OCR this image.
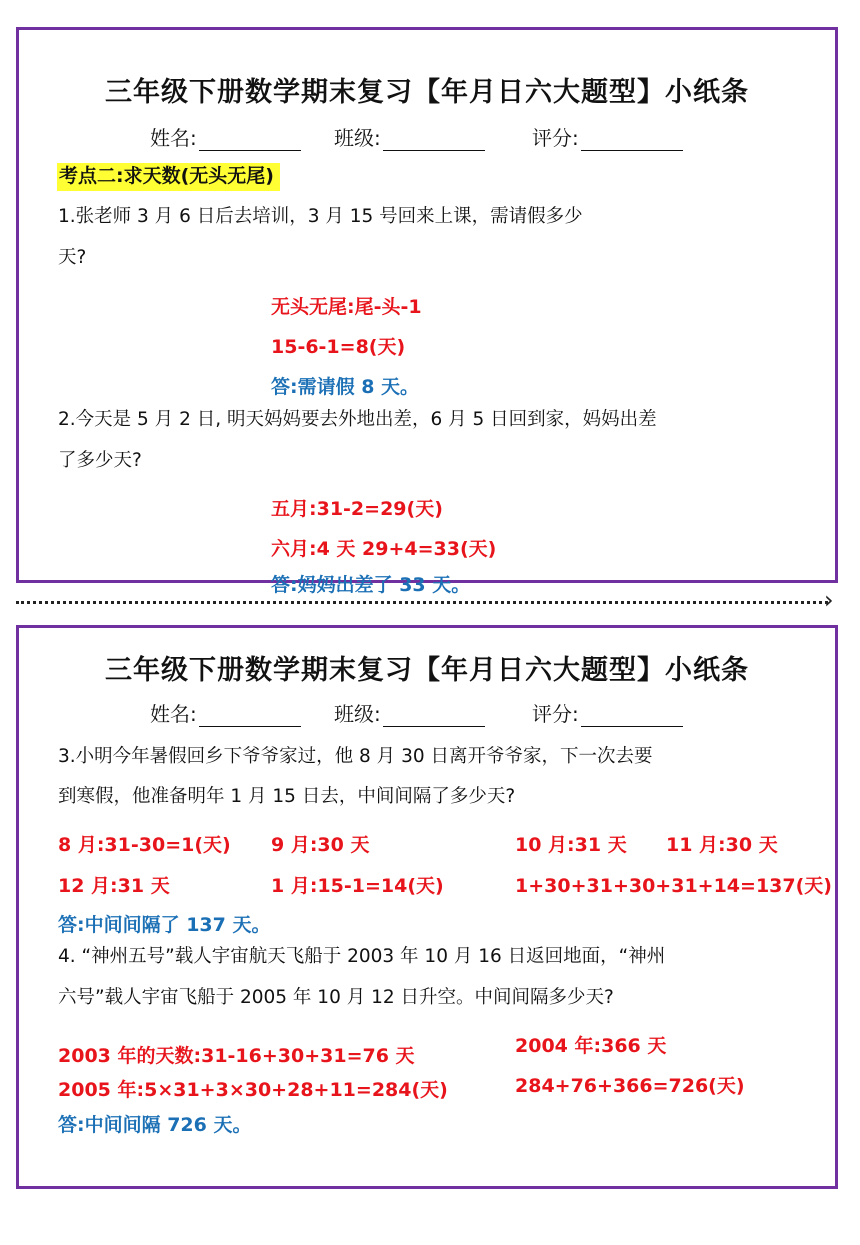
三年级下册数学期末复习【年月日六大题型】小纸条
姓名:	班级:	评分:
考点二:求天数(无头无尾)
1.张老师 3 月 6 日后去培训，3 月 15 号回来上课，需请假多少
天?
无头无尾:尾-头-1
15-6-1=8(天)
答:需请假 8 天。
2.今天是 5 月 2 日, 明天妈妈要去外地出差，6 月 5 日回到家，妈妈出差
了多少天?
五月:31-2=29(天)
六月:4 天 29+4=33(天)
答:妈妈出差了 33 天。
›
三年级下册数学期末复习【年月日六大题型】小纸条
姓名:	班级:	评分:
3.小明今年暑假回乡下爷爷家过，他 8 月 30 日离开爷爷家，下一次去要
到寒假，他准备明年 1 月 15 日去，中间间隔了多少天?
8 月:31-30=1(天) 9 月:30 天	10 月:31 天 11 月:30 天
12 月:31 天	1 月:15-1=14(天)	1+30+31+30+31+14=137(天)
答:中间间隔了 137 天。
4. “神州五号”载人宇宙航天飞船于 2003 年 10 月 16 日返回地面，“神州
六号”载人宇宙飞船于 2005 年 10 月 12 日升空。中间间隔多少天?
2004 年:366 天
2003 年的天数:31-16+30+31=76 天
284+76+366=726(天)
2005 年:5×31+3×30+28+11=284(天)
答:中间间隔 726 天。
